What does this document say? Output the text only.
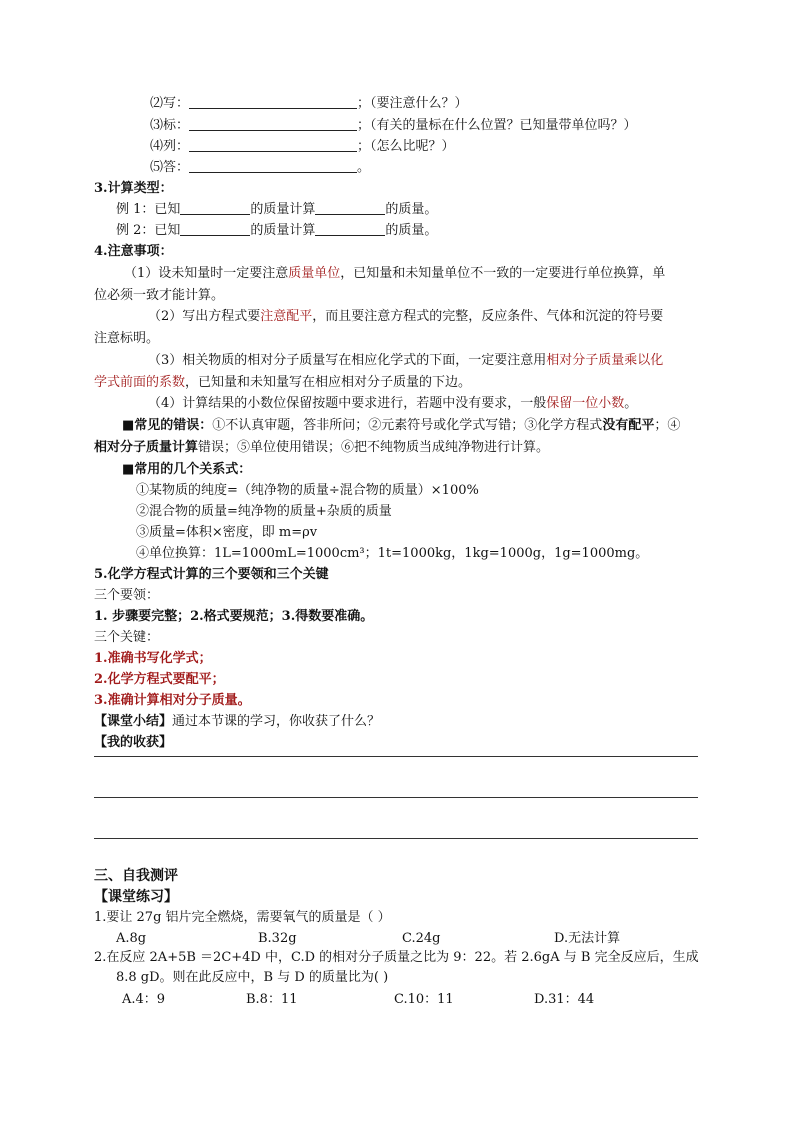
⑵写：	；（要注意什么？）
⑶标：	；（有关的量标在什么位置？已知量带单位吗？）
⑷列：	；（怎么比呢？）
⑸答：	。
3.计算类型：
例 1：已知	的质量计算	的质量。
例 2：已知	的质量计算	的质量。
4.注意事项：
（1）设未知量时一定要注意质量单位，已知量和未知量单位不一致的一定要进行单位换算，单
位必须一致才能计算。
（2）写出方程式要注意配平，而且要注意方程式的完整，反应条件、气体和沉淀的符号要
注意标明。
（3）相关物质的相对分子质量写在相应化学式的下面，一定要注意用相对分子质量乘以化
学式前面的系数，已知量和未知量写在相应相对分子质量的下边。
（4）计算结果的小数位保留按题中要求进行，若题中没有要求，一般保留一位小数。
■常见的错误：①不认真审题，答非所问；②元素符号或化学式写错；③化学方程式没有配平；④
相对分子质量计算错误；⑤单位使用错误；⑥把不纯物质当成纯净物进行计算。
■常用的几个关系式：
①某物质的纯度=（纯净物的质量÷混合物的质量）×100%
②混合物的质量=纯净物的质量+杂质的质量
③质量=体积×密度，即 m=ρv
④单位换算：1L=1000mL=1000cm³；1t=1000kg，1kg=1000g，1g=1000mg。
5.化学方程式计算的三个要领和三个关键
三个要领：
1. 步骤要完整；2.格式要规范；3.得数要准确。
三个关键：
1.准确书写化学式；
2.化学方程式要配平；
3.准确计算相对分子质量。
【课堂小结】通过本节课的学习，你收获了什么？
【我的收获】
三、自我测评
【课堂练习】
1.要让 27g 铝片完全燃烧，需要氧气的质量是（ ）
A.8g	B.32g	C.24g	D.无法计算
2.在反应 2A+5B ＝2C+4D 中，C.D 的相对分子质量之比为 9：22。若 2.6gA 与 B 完全反应后，生成
8.8 gD。则在此反应中，B 与 D 的质量比为( )
A.4：9	B.8：11	C.10：11	D.31：44
